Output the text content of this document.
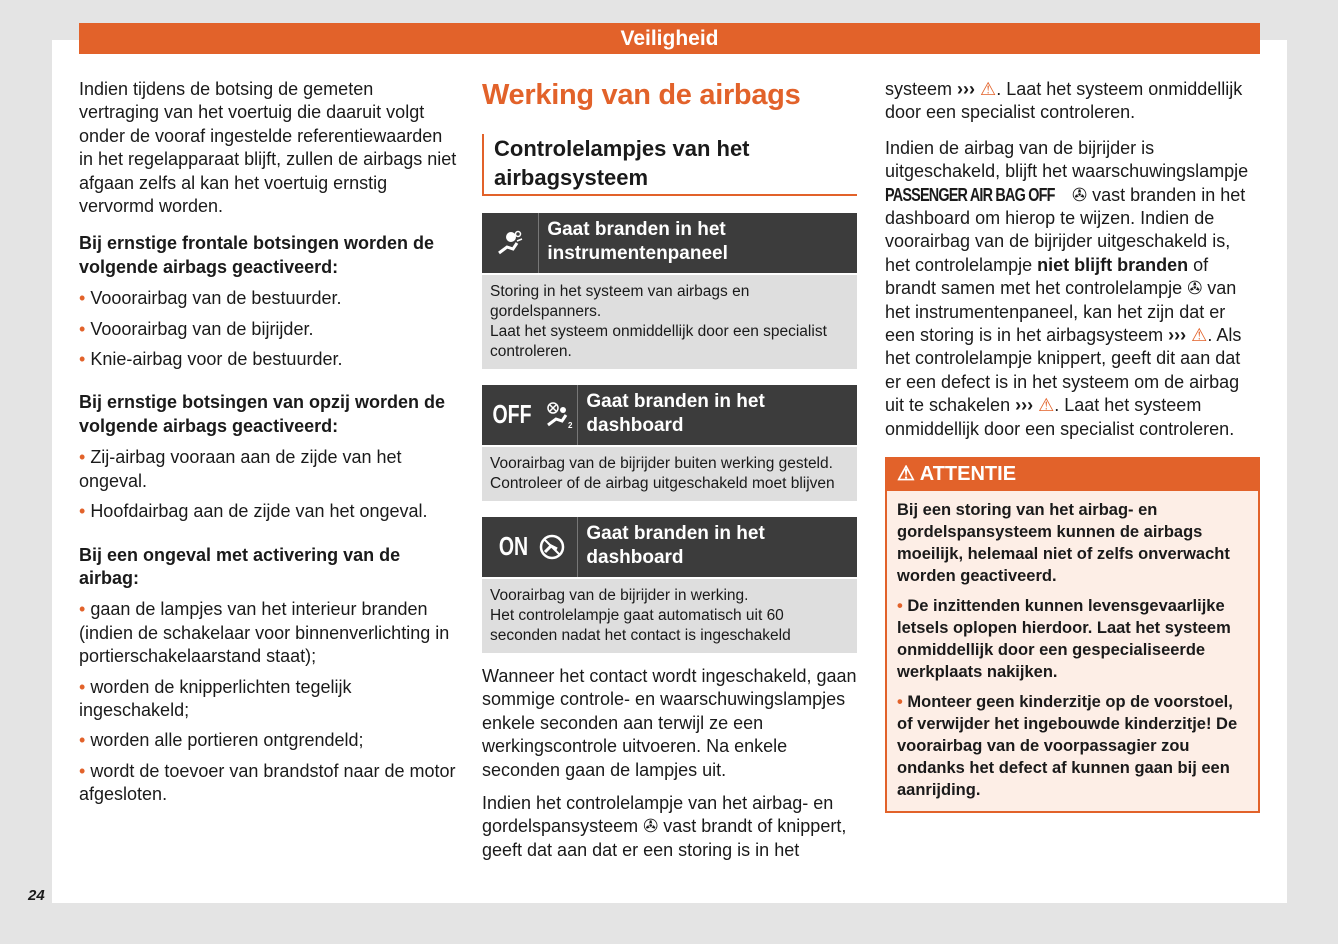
Veiligheid

Indien tijdens de botsing de gemeten vertraging van het voertuig die daaruit volgt onder de vooraf ingestelde referentiewaarden in het regelapparaat blijft, zullen de airbags niet afgaan zelfs al kan het voertuig ernstig vervormd worden.

Bij ernstige frontale botsingen worden de volgende airbags geactiveerd:

• Vooorairbag van de bestuurder.

• Vooorairbag van de bijrijder.

• Knie-airbag voor de bestuurder.

Bij ernstige botsingen van opzij worden de volgende airbags geactiveerd:

• Zij-airbag vooraan aan de zijde van het ongeval.

• Hoofdairbag aan de zijde van het ongeval.

Bij een ongeval met activering van de airbag:

• gaan de lampjes van het interieur branden (indien de schakelaar voor binnenverlichting in portierschakelaarstand staat);

• worden de knipperlichten tegelijk ingeschakeld;

• worden alle portieren ontgrendeld;

• wordt de toevoer van brandstof naar de motor afgesloten.

Werking van de airbags
Controlelampjes van het airbagsysteem
Gaat branden in het instrumentenpaneel
Storing in het systeem van airbags en gordelspanners.
Laat het systeem onmiddellijk door een specialist controleren.
OFF	2
Gaat branden in het dashboard
Voorairbag van de bijrijder buiten werking gesteld.
Controleer of de airbag uitgeschakeld moet blijven
ON	Gaat branden in het dashboard
Voorairbag van de bijrijder in werking.
Het controlelampje gaat automatisch uit 60 seconden nadat het contact is ingeschakeld

Wanneer het contact wordt ingeschakeld, gaan sommige controle- en waarschuwingslampjes enkele seconden aan terwijl ze een werkingscontrole uitvoeren. Na enkele seconden gaan de lampjes uit.

Indien het controlelampje van het airbag- en gordelspansysteem ✇ vast brandt of knippert, geeft dat aan dat er een storing is in het

systeem ››› ⚠. Laat het systeem onmiddellijk door een specialist controleren.

Indien de airbag van de bijrijder is uitgeschakeld, blijft het waarschuwingslampje PASSENGER AIR BAG OFF ✇ vast branden in het dashboard om hierop te wijzen. Indien de voorairbag van de bijrijder uitgeschakeld is, het controlelampje niet blijft branden of brandt samen met het controlelampje ✇ van het instrumentenpaneel, kan het zijn dat er een storing is in het airbagsysteem ››› ⚠. Als het controlelampje knippert, geeft dit aan dat er een defect is in het systeem om de airbag uit te schakelen ››› ⚠. Laat het systeem onmiddellijk door een specialist controleren.

⚠ ATTENTIE

Bij een storing van het airbag- en gordelspansysteem kunnen de airbags moeilijk, helemaal niet of zelfs onverwacht worden geactiveerd.

• De inzittenden kunnen levensgevaarlijke letsels oplopen hierdoor. Laat het systeem onmiddellijk door een gespecialiseerde werkplaats nakijken.

• Monteer geen kinderzitje op de voorstoel, of verwijder het ingebouwde kinderzitje! De voorairbag van de voorpassagier zou ondanks het defect af kunnen gaan bij een aanrijding.

24
